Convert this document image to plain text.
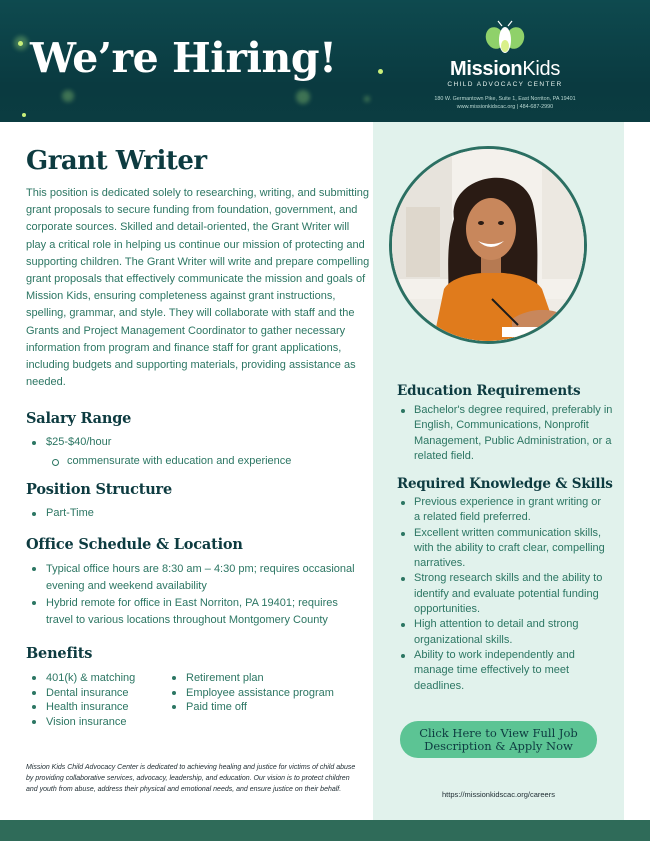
We’re Hiring!	MissionKids
CHILD ADVOCACY CENTER
180 W. Germantown Pike, Suite 1, East Norriton, PA 19401
www.missionkidscac.org | 484-687-2990
Grant Writer
This position is dedicated solely to researching, writing, and submitting grant proposals to secure funding from foundation, government, and corporate sources. Skilled and detail-oriented, the Grant Writer will play a critical role in helping us continue our mission of protecting and supporting children. The Grant Writer will write and prepare compelling grant proposals that effectively communicate the mission and goals of Mission Kids, ensuring completeness against grant instructions, spelling, grammar, and style. They will collaborate with staff and the Grants and Project Management Coordinator to gather necessary information from program and finance staff for grant applications, including budgets and supporting materials, providing assistance as needed.
Salary Range
$25-$40/hour
commensurate with education and experience
Position Structure
Part-Time
Office Schedule & Location
Typical office hours are 8:30 am – 4:30 pm; requires occasional evening and weekend availability
Hybrid remote for office in East Norriton, PA 19401; requires travel to various locations throughout Montgomery County
Benefits
401(k) & matching
Dental insurance
Health insurance
Vision insurance
Retirement plan
Employee assistance program
Paid time off
Mission Kids Child Advocacy Center is dedicated to achieving healing and justice for victims of child abuse by providing collaborative services, advocacy, leadership, and education. Our vision is to protect children and youth from abuse, address their physical and emotional needs, and ensure justice on their behalf.
Education Requirements
Bachelor's degree required, preferably in English, Communications, Nonprofit Management, Public Administration, or a related field.
Required Knowledge & Skills
Previous experience in grant writing or a related field preferred.
Excellent written communication skills, with the ability to craft clear, compelling narratives.
Strong research skills and the ability to identify and evaluate potential funding opportunities.
High attention to detail and strong organizational skills.
Ability to work independently and manage time effectively to meet deadlines.
Click Here to View Full Job
Description & Apply Now
https://missionkidscac.org/careers
